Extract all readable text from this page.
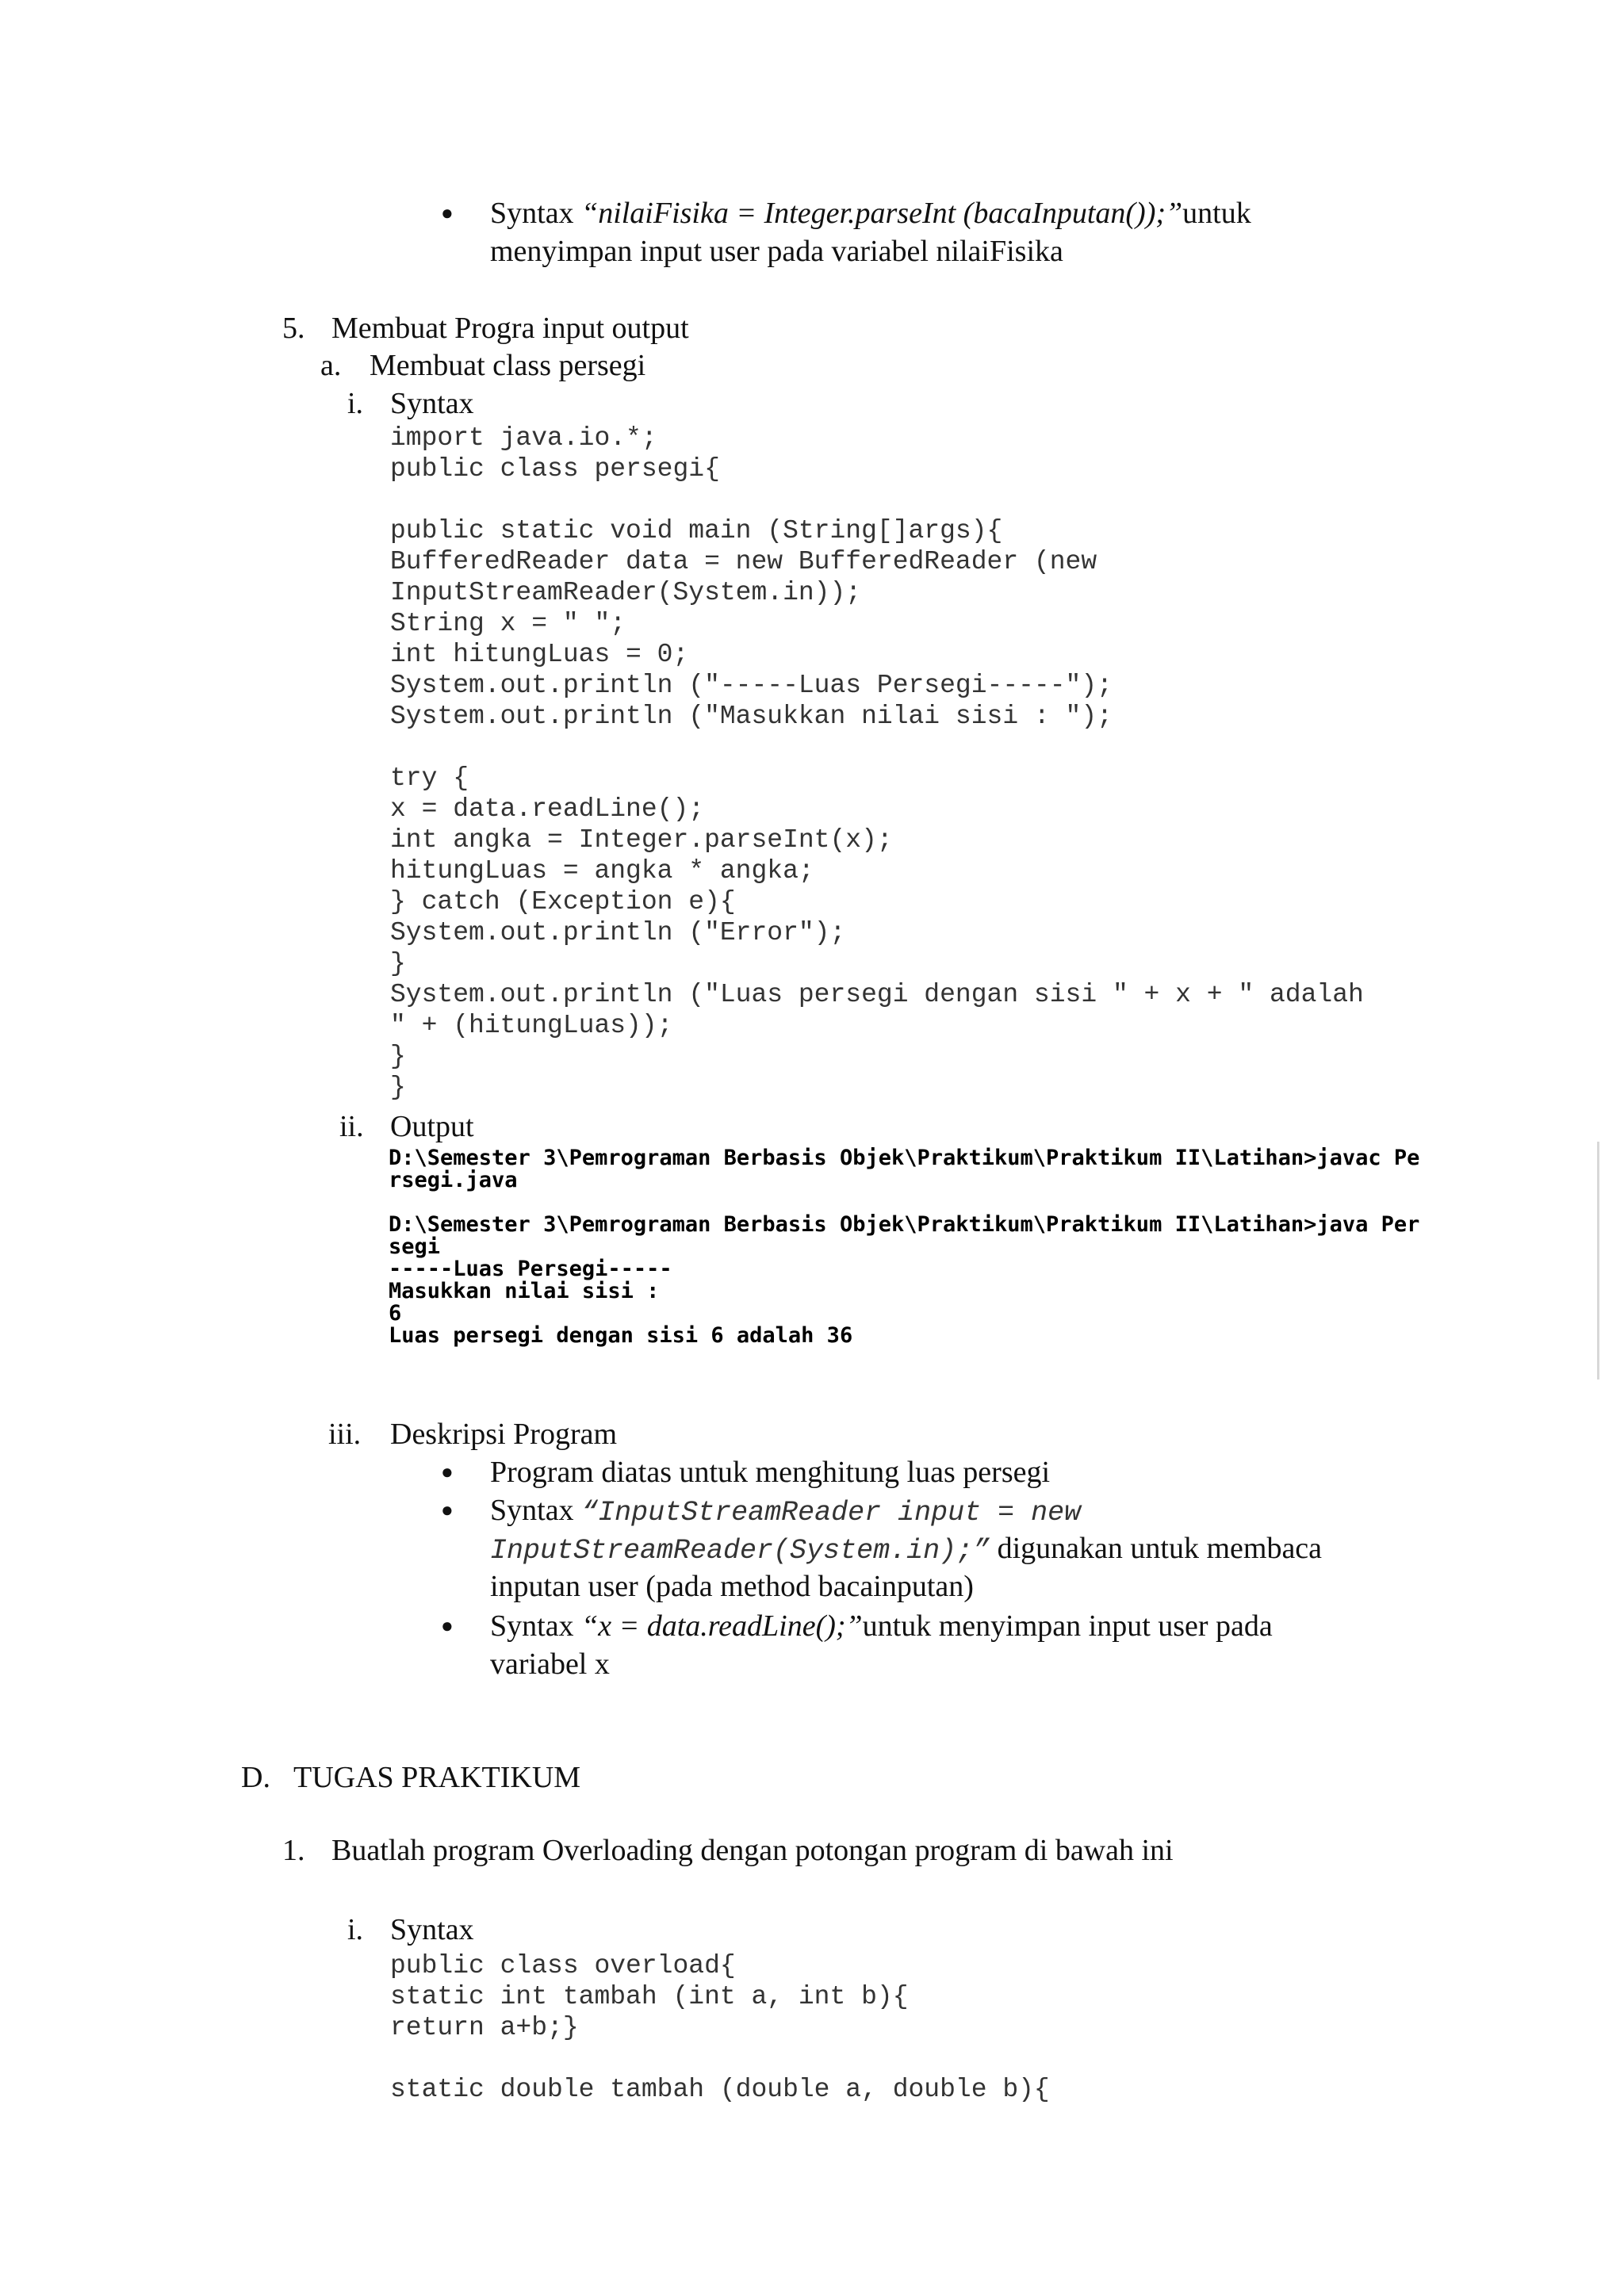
● Syntax “nilaiFisika = Integer.parseInt (bacaInputan());”untuk
menyimpan input user pada variabel nilaiFisika
5. Membuat Progra input output
a. Membuat class persegi
i. Syntax
import java.io.*;
public class persegi{
public static void main (String[]args){
BufferedReader data = new BufferedReader (new
InputStreamReader(System.in));
String x = " ";
int hitungLuas = 0;
System.out.println ("-----Luas Persegi-----");
System.out.println ("Masukkan nilai sisi : ");
try {
x = data.readLine();
int angka = Integer.parseInt(x);
hitungLuas = angka * angka;
} catch (Exception e){
System.out.println ("Error");
}
System.out.println ("Luas persegi dengan sisi " + x + " adalah
" + (hitungLuas));
}
}
ii. Output
D:\Semester 3\Pemrograman Berbasis Objek\Praktikum\Praktikum II\Latihan>javac Pe
rsegi.java
D:\Semester 3\Pemrograman Berbasis Objek\Praktikum\Praktikum II\Latihan>java Per
segi
-----Luas Persegi-----
Masukkan nilai sisi :
6
Luas persegi dengan sisi 6 adalah 36
iii. Deskripsi Program
● Program diatas untuk menghitung luas persegi
● Syntax “InputStreamReader input = new
InputStreamReader(System.in);” digunakan untuk membaca
inputan user (pada method bacainputan)
● Syntax “x = data.readLine();”untuk menyimpan input user pada
variabel x
D. TUGAS PRAKTIKUM
1. Buatlah program Overloading dengan potongan program di bawah ini
i. Syntax
public class overload{
static int tambah (int a, int b){
return a+b;}
static double tambah (double a, double b){
